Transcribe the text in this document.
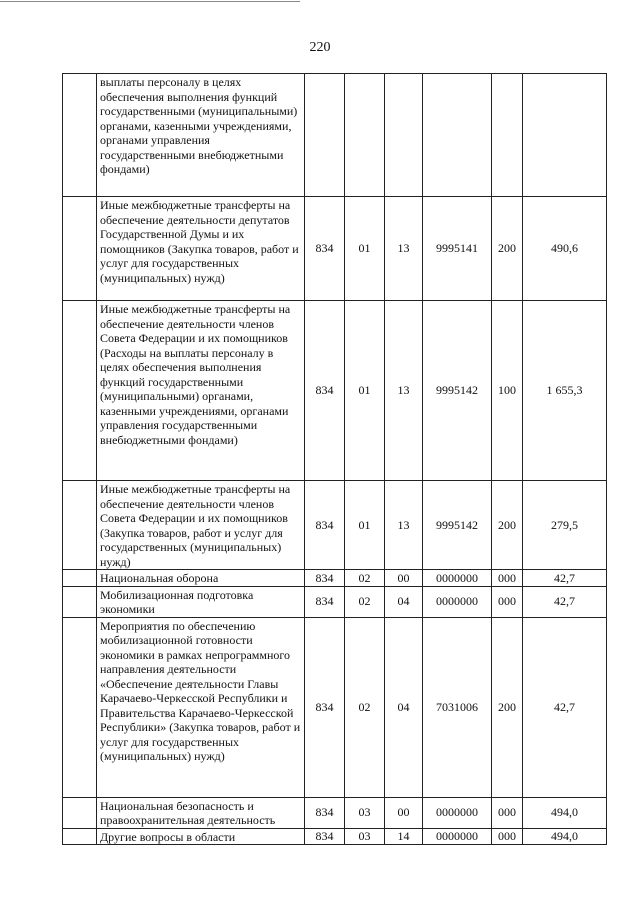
220
	выплаты персоналу в целях обеспечения выполнения функций государственными (муниципальными) органами, казенными учреждениями, органами управления государственными внебюджетными фондами)						
	Иные межбюджетные трансферты на обеспечение деятельности депутатов Государственной Думы и их помощников (Закупка товаров, работ и услуг для государственных (муниципальных) нужд)	834	01	13	9995141	200	490,6
	Иные межбюджетные трансферты на обеспечение деятельности членов Совета Федерации и их помощников (Расходы на выплаты персоналу в целях обеспечения выполнения функций государственными (муниципальными) органами, казенными учреждениями, органами управления государственными внебюджетными фондами)	834	01	13	9995142	100	1 655,3
	Иные межбюджетные трансферты на обеспечение деятельности членов Совета Федерации и их помощников (Закупка товаров, работ и услуг для государственных (муниципальных) нужд)	834	01	13	9995142	200	279,5
	Национальная оборона	834	02	00	0000000	000	42,7
	Мобилизационная подготовка экономики	834	02	04	0000000	000	42,7
	Мероприятия по обеспечению мобилизационной готовности экономики в рамках непрограммного направления деятельности «Обеспечение деятельности Главы Карачаево-Черкесской Республики и Правительства Карачаево-Черкесской Республики» (Закупка товаров, работ и услуг для государственных (муниципальных) нужд)	834	02	04	7031006	200	42,7
	Национальная безопасность и правоохранительная деятельность	834	03	00	0000000	000	494,0
	Другие вопросы в области	834	03	14	0000000	000	494,0
